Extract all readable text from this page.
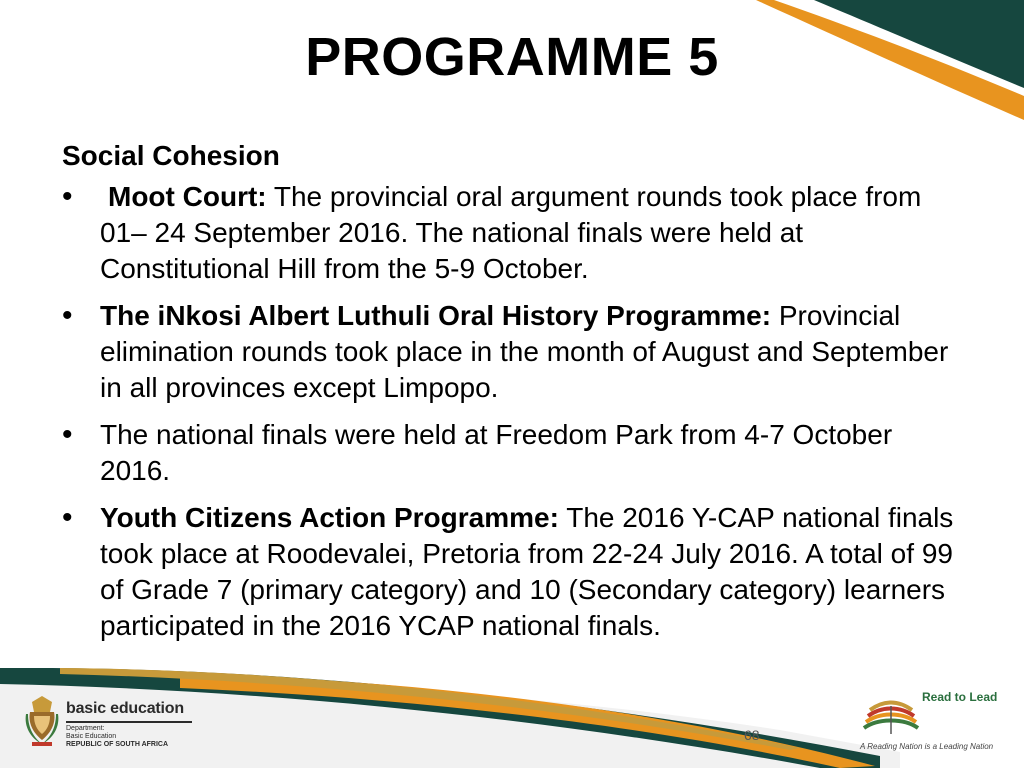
PROGRAMME 5
Social Cohesion
• Moot Court: The provincial oral argument rounds took place from 01– 24 September 2016. The national finals were held at Constitutional Hill from the 5-9 October.
• The iNkosi Albert Luthuli Oral History Programme: Provincial elimination rounds took place in the month of August and September in all provinces except Limpopo.
• The national finals were held at Freedom Park from 4-7 October 2016.
• Youth Citizens Action Programme: The 2016 Y-CAP national finals took place at Roodevalei, Pretoria from 22-24 July 2016. A total of 99 of Grade 7 (primary category) and 10 (Secondary category) learners participated in the 2016 YCAP national finals.
basic education
Department:
Basic Education
REPUBLIC OF SOUTH AFRICA
68
Read to Lead
A Reading Nation is a Leading Nation
